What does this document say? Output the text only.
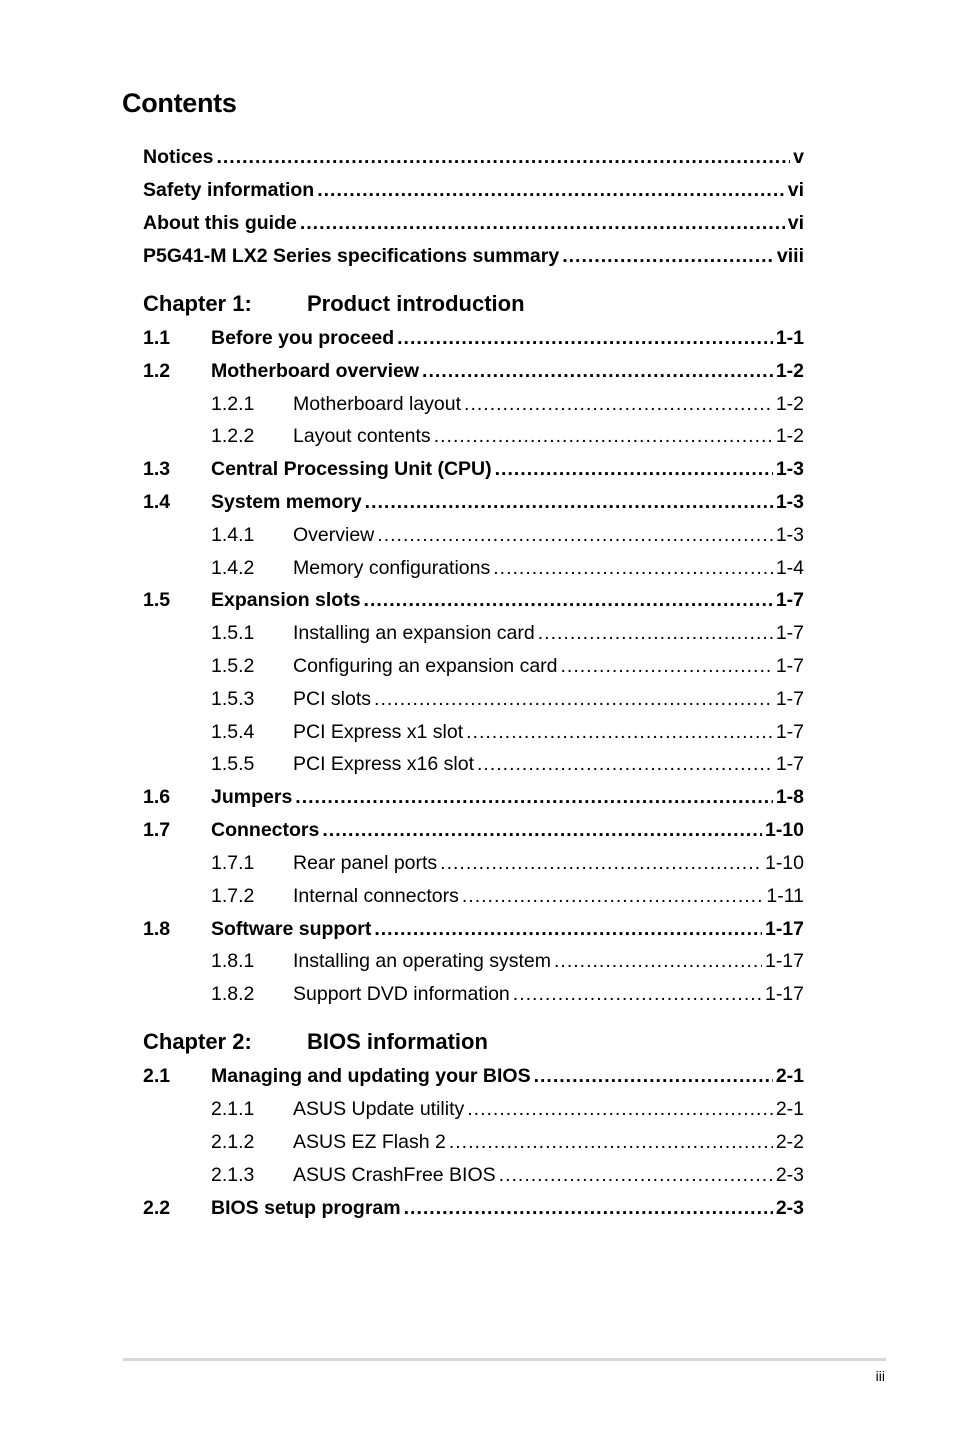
Contents
Notices .....	v
Safety information .....	vi
About this guide .....	vi
P5G41-M LX2 Series specifications summary .....	viii
Chapter 1:	Product introduction
1.1	Before you proceed .....	1-1
1.2	Motherboard overview .....	1-2
1.2.1	Motherboard layout .....	1-2
1.2.2	Layout contents .....	1-2
1.3	Central Processing Unit (CPU) .....	1-3
1.4	System memory .....	1-3
1.4.1	Overview .....	1-3
1.4.2	Memory configurations .....	1-4
1.5	Expansion slots .....	1-7
1.5.1	Installing an expansion card .....	1-7
1.5.2	Configuring an expansion card .....	1-7
1.5.3	PCI slots .....	1-7
1.5.4	PCI Express x1 slot .....	1-7
1.5.5	PCI Express x16 slot .....	1-7
1.6	Jumpers .....	1-8
1.7	Connectors .....	1-10
1.7.1	Rear panel ports .....	1-10
1.7.2	Internal connectors .....	1-11
1.8	Software support .....	1-17
1.8.1	Installing an operating system .....	1-17
1.8.2	Support DVD information .....	1-17
Chapter 2:	BIOS information
2.1	Managing and updating your BIOS .....	2-1
2.1.1	ASUS Update utility .....	2-1
2.1.2	ASUS EZ Flash 2 .....	2-2
2.1.3	ASUS CrashFree BIOS .....	2-3
2.2	BIOS setup program .....	2-3
iii
